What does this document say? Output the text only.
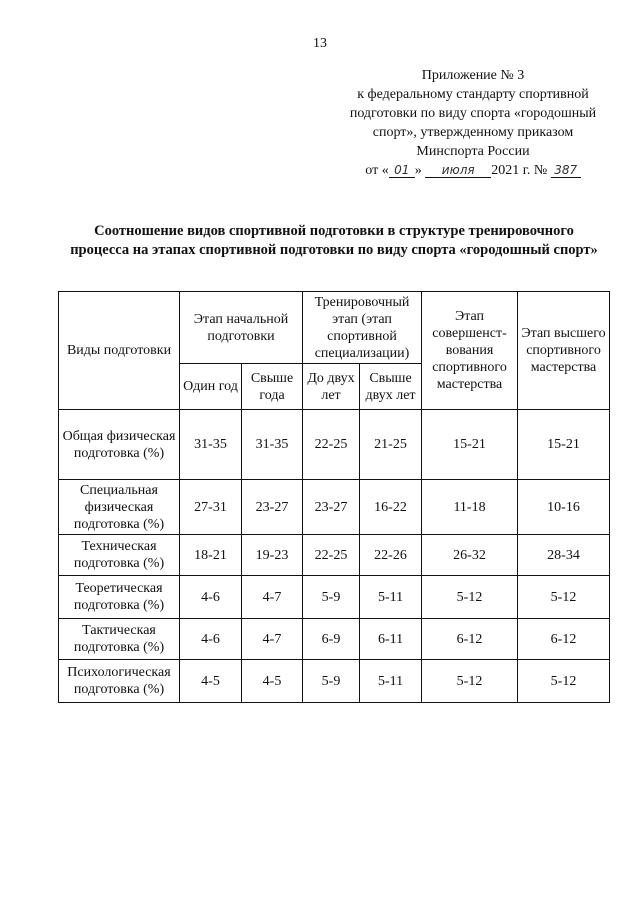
13
Приложение № 3
к федеральному стандарту спортивной
подготовки по виду спорта «городошный
спорт», утвержденному приказом
Минспорта России
от « 01 » июля 2021 г. № 387
Соотношение видов спортивной подготовки в структуре тренировочного процесса на этапах спортивной подготовки по виду спорта «городошный спорт»
Виды подготовки	Этап начальной подготовки		Тренировочный этап (этап спортивной специализации)		Этап совершенст-вования спортивного мастерства	Этап высшего спортивного мастерства
	Один год	Свыше года	До двух лет	Свыше двух лет		
Общая физическая подготовка (%)	31-35	31-35	22-25	21-25	15-21	15-21
Специальная физическая подготовка (%)	27-31	23-27	23-27	16-22	11-18	10-16
Техническая подготовка (%)	18-21	19-23	22-25	22-26	26-32	28-34
Теоретическая подготовка (%)	4-6	4-7	5-9	5-11	5-12	5-12
Тактическая подготовка (%)	4-6	4-7	6-9	6-11	6-12	6-12
Психологическая подготовка (%)	4-5	4-5	5-9	5-11	5-12	5-12
